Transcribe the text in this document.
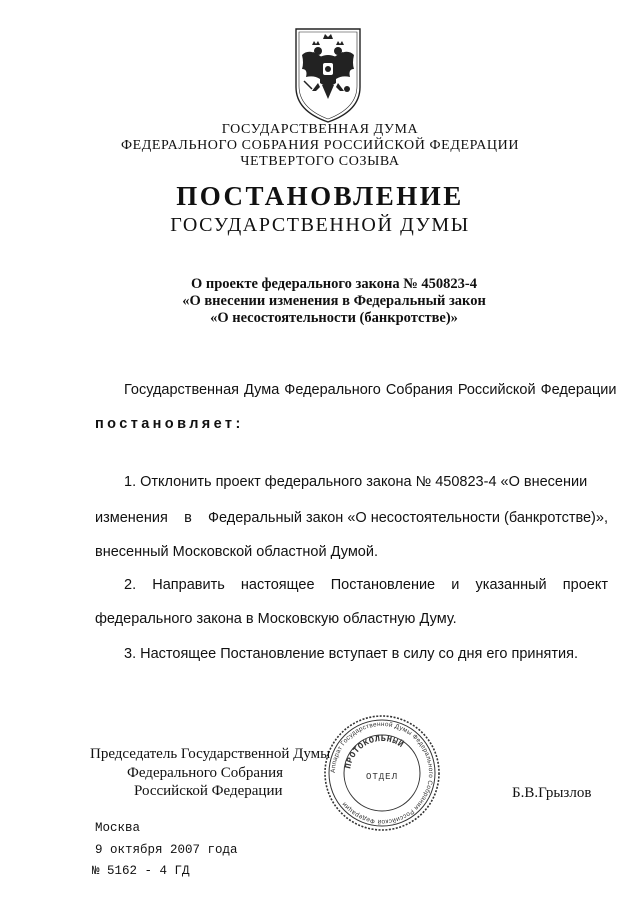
ГОСУДАРСТВЕННАЯ ДУМА

ФЕДЕРАЛЬНОГО СОБРАНИЯ РОССИЙСКОЙ ФЕДЕРАЦИИ

ЧЕТВЕРТОГО СОЗЫВА

ПОСТАНОВЛЕНИЕ

ГОСУДАРСТВЕННОЙ ДУМЫ

О проекте федерального закона № 450823-4

«О внесении изменения в Федеральный закон

«О несостоятельности (банкротстве)»

Государственная Дума Федерального Собрания Российской Федерации

постановляет:

1. Отклонить проект федерального закона № 450823-4 «О внесении

изменения в Федеральный закон «О несостоятельности (банкротстве)»,

внесенный Московской областной Думой.

2. Направить настоящее Постановление и указанный проект

федерального закона в Московскую областную Думу.

3. Настоящее Постановление вступает в силу со дня его принятия.

Аппарат Государственной Думы Федерального Собрания Российской Федерации
ПРОТОКОЛЬНЫЙ
ОТДЕЛ

Председатель Государственной Думы

Федерального Собрания

Российской Федерации	Б.В.Грызлов

Москва

9 октября 2007 года

№ 5162 - 4 ГД
